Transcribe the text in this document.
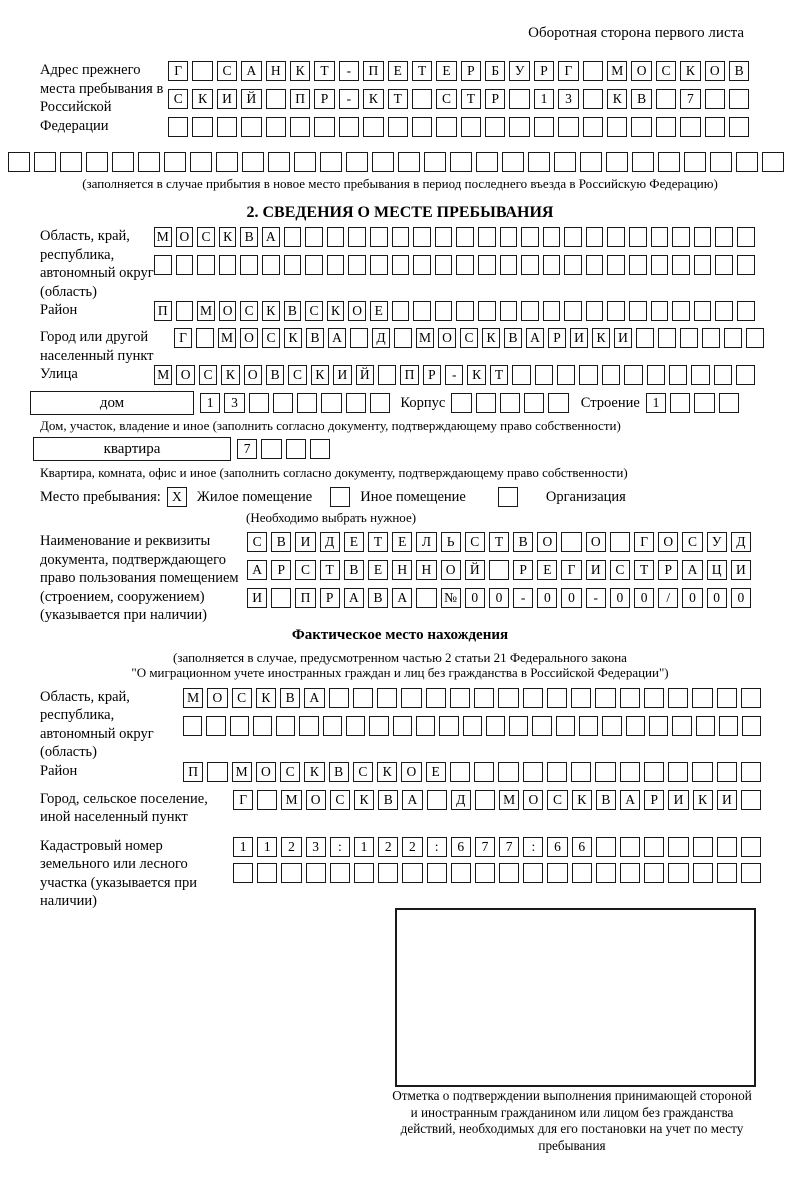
Оборотная сторона первого листа
Адрес прежнего места пребывания в Российской Федерации
Г	С	А	Н	К	Т	-	П	Е	Т	Е	Р	Б	У	Р	Г	М	О	С	К	О	В
С	К	И	Й	П	Р	-	К	Т	С	Т	Р	1	3	К	В	7
(заполняется в случае прибытия в новое место пребывания в период последнего въезда в Российскую Федерацию)
2. СВЕДЕНИЯ О МЕСТЕ ПРЕБЫВАНИЯ
Область, край, республика, автономный округ (область)
М О С К В А
Район	П М О С К В С К О Е
Город или другой населенный пункт
Г	М О С К В А	Д	М О С К В А Р И К И
Улица	М О С К О В С К И Й	П	Р	-	К	Т
дом	1	3	Корпус	Строение 1
Дом, участок, владение и иное (заполнить согласно документу, подтверждающему право собственности)
квартира	7
Квартира, комната, офис и иное (заполнить согласно документу, подтверждающему право собственности)
Место пребывания: X	Жилое помещение	Иное помещение	Организация
(Необходимо выбрать нужное)
Наименование и реквизиты документа, подтверждающего право пользования помещением (строением, сооружением) (указывается при наличии)
С	В	И	Д	Е	Т	Е	Л	Ь	С	Т	В	О	О	Г	О	С	У	Д
А	Р	С	Т	В	Е	Н	Н	О	Й	Р	Е	Г	И	С	Т	Р	А	Ц	И
И	П	Р	А	В	А	№	0	0	-	0	0	-	0	0	/	0	0	0
Фактическое место нахождения
(заполняется в случае, предусмотренном частью 2 статьи 21 Федерального закона
"О миграционном учете иностранных граждан и лиц без гражданства в Российской Федерации")
Область, край, республика, автономный округ (область)
М О	С	К	В	А
Район	П	М О	С	К	В	С	К	О	Е
Город, сельское поселение, иной населенный пункт
Г	М О	С	К	В	А	Д	М О	С	К	В	А	Р	И	К	И
Кадастровый номер земельного или лесного участка (указывается при наличии)
1	1	2	3	:	1	2	2	:	6	7	7	:	6	6
Отметка о подтверждении выполнения принимающей стороной и иностранным гражданином или лицом без гражданства действий, необходимых для его постановки на учет по месту пребывания
